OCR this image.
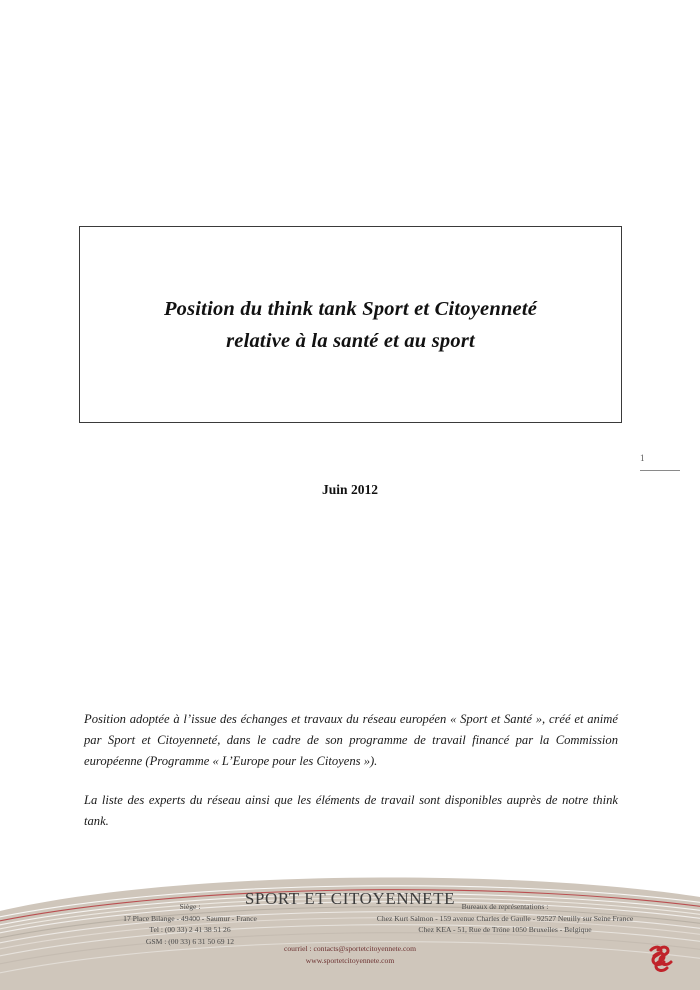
Position du think tank Sport et Citoyenneté
relative à la santé et au sport
1
Juin 2012

Position adoptée à l’issue des échanges et travaux du réseau européen « Sport et Santé », créé et animé par Sport et Citoyenneté, dans le cadre de son programme de travail financé par la Commission européenne (Programme « L’Europe pour les Citoyens »).

La liste des experts du réseau ainsi que les éléments de travail sont disponibles auprès de notre think tank.

SPORT ET CITOYENNETE
Siège :
17 Place Bilange - 49400 - Saumur - France
Tel : (00 33) 2 41 38 51 26
GSM : (00 33) 6 31 50 69 12
Bureaux de représentations :
Chez Kurt Salmon - 159 avenue Charles de Gaulle - 92527 Neuilly sur Seine France
Chez KEA - 51, Rue de Tröne 1050 Bruxelles - Belgique
courriel : contacts@sportetcitoyennete.com
www.sportetcitoyennete.com
